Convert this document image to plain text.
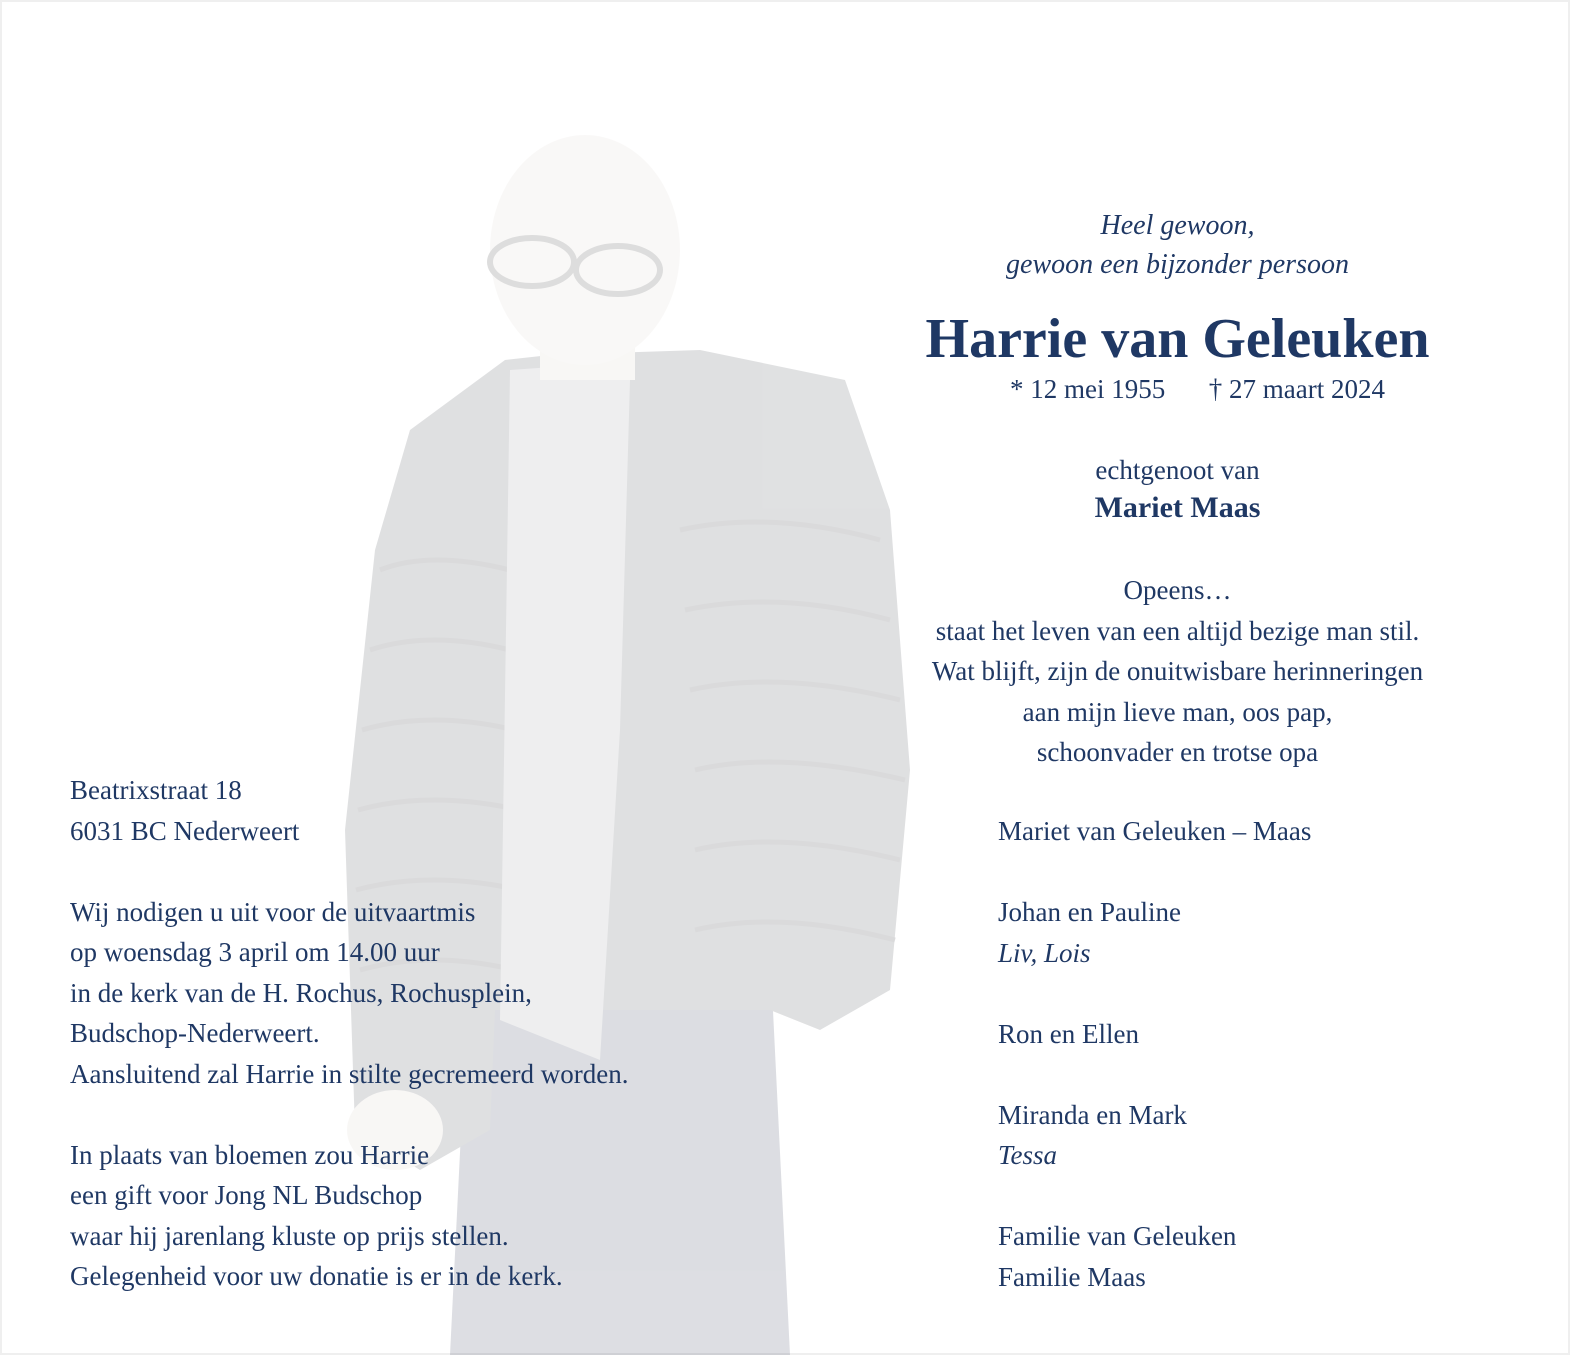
Heel gewoon,
gewoon een bijzonder persoon
Harrie van Geleuken
* 12 mei 1955 † 27 maart 2024
echtgenoot van
Mariet Maas
Opeens…
staat het leven van een altijd bezige man stil.
Wat blijft, zijn de onuitwisbare herinneringen
aan mijn lieve man, oos pap,
schoonvader en trotse opa
Beatrixstraat 18
6031 BC Nederweert
Wij nodigen u uit voor de uitvaartmis
op woensdag 3 april om 14.00 uur
in de kerk van de H. Rochus, Rochusplein,
Budschop-Nederweert.
Aansluitend zal Harrie in stilte gecremeerd worden.
In plaats van bloemen zou Harrie
een gift voor Jong NL Budschop
waar hij jarenlang kluste op prijs stellen.
Gelegenheid voor uw donatie is er in de kerk.
Mariet van Geleuken – Maas
Johan en Pauline
Liv, Lois
Ron en Ellen
Miranda en Mark
Tessa
Familie van Geleuken
Familie Maas
